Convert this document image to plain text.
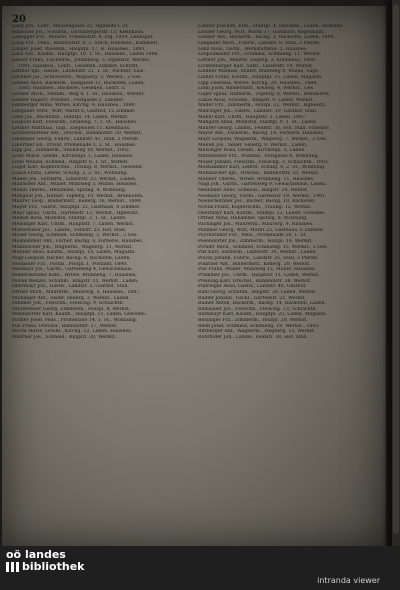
20
Lang Joh., Lehr., Moosengasse 22, Hgbesitz i. 21.
Habicher Jos., Schuhm., Dürrnbergerstr. 13, Kleinhaus.
Lanegger Frz., Maurer, Friedhofstr. 4, Ztg. 1904, Lehnsgut.
Lang Frz., Pens., Bahnhofstr. 8, 2. Stock, Hausbes., Kammerl.
Langer Josef, Wasenm., Hauptpl. 17, H. Hausbes., 1893.
Lanz Ant., Kaufm., Hauptpl. 10, 1. St., Hausbes., Laden 1888.
Lasser Franz, Tischlerm., Johannesg. 5, Hgbesitz, Werkst.,
1891, Hausbes., Lehrl., Gesellen, Zimmer, Schriftf.
Lattner Ign., Gastw., Lindenstr. 21, 1. St., Pächter, Saal.
Lechner Jul., Schlosserm., Wagnerg. 3, Werkst., 2 Ges.
Lehner Alois, Bäckerm., Badgasse 12, Backofen, Laden,
1885, Hausbes., Bäckerei, Gesellen, Lehrl. 3.
Leitner Mich., Steinm., Weg 4, 1. St., Hausbes., Werkst.
Leitner Rupert, Postbed., Postgasse 2, Zimmer.
Lemberger Anna, Witwe, Kirchg. 9, Hausbes., 1880.
Lengauer Ferd., Wirt, Markt 6, Gasthof, 12 Zimmer.
Lenz Jos., Buchbind., Stadtpl. 14, Laden, Werkst.
Leopold Karl, Fleischh., Grabeng. 7, 1. St., Hausbes.
Lettner Matthias, Tagl., Ziegelofen 11, Kleinhaus.
Lichtenwörther Ant., Drechsl., Bahnhofstr. 30, Werkst.
Lindinger Georg, Fuhrw., Landstr. 41, Stall, 2 Pferde.
Linortner Ed., Privat, Promenade 5, 2. St., Hausbes.
Lipp Jos., Zimmerm., Steinweg 19, Werkst., 1902.
Loidl Marie, Greißl., Kirchenpl. 1, Laden, Hausbes.
Loibl Wenzel, Schneid., Ringstr. 6, 1. St., Werkst.
Luger Karl, Kupferschm., Traung. 8, Werkst., Gesellen.
Lukas Franz, Lehrer, Schulg. 2, 2. St., Wohnung.
Mader Jos., Sattlerm., Linzerstr. 22, Werkst., Laden.
Mairhofer Ant., Müller, Mühlweg 3, Mühle, Hausbes.
Mandl Theres., Hebamme, Spitalg. 4, Wohnung.
Mangold Joh., Hafner, Töpferg. 10, Werkst., Brennofen.
Maurer Leop., Bindermstr., Kellerg. 16, Werkst., 1899.
Mayer Frz., Gastw., Hauptpl. 21, Gasthaus, 8 Zimmer.
Mayr Ignaz, Tischl., Gartenstr. 12, Werkst., Hgbesitz.
Meindl Rosa, Modistin, Stadtpl. 3, 1. St., Laden.
Meisinger Karl, Uhrm., Hauptstr. 7, Laden, Werkst.
Mitterhuber Jos., Landw., Feldstr. 25, Hof, Stall.
Moser Georg, Schmied, Schmiedg. 2, Werkst., 2 Ges.
Moshammer Ant., Färber, Bachg. 9, Färberei, Hausbes.
Mühlbacher Joh., Wagnerm., Wagnerg. 11, Werkst.
Müllner Alois, Kaufm., Stadtpl. 18, Laden, Magazin.
Nagl Leopold, Bäcker, Backg. 6, Backofen, Laden.
Neubauer Frz., Postm., Postpl. 1, Postamt, 1890.
Neumayr Jos., Gärtn., Gartenweg 4, Gewächshaus.
Niederleithner Kath., Witwe, Brunneng. 7, Hausbes.
Novak Wenzel, Schuhm., Ringstr. 15, Werkst., Laden.
Obermayr Joh., Gastw., Landstr. 2, Gasthof, Stall.
Ortner Mich., Maurerm., Maurerg. 5, Hausbes., 1887.
Pachinger Ant., Seiler, Seilerg. 3, Werkst., Laden.
Pammer Joh., Fleischh., Fleischg. 9, Schlachtb.
Payrleithner Georg, Zimmerm., Holzpl. 4, Werkst.
Pesendorfer Karl, Kaufm., Hauptpl. 11, Laden, Gewölbe.
Pichler Josef, Pens., Promenade 14, 1. St., Wohnung.
Pilz Franz, Drechsl., Bahnhofstr. 27, Werkst.
Plöchl Marie, Greißl., Kirchg. 12, Laden, Hausbes.
Pointner Jos., Schneid., Ringstr. 20, Werkst.
Lehner Joachim, Kfm., Stadtpl. 4, Hausbes., Laden, Gewölbe.
Leitner Georg, Wirt, Markt 17, Gasthaus, Kegelbahn.
Leitner Ant., Bäckerm., Backg. 2, Backofen, Laden, 1894.
Lengauer Mich., Fuhrw., Landstr. 8, Stall, 3 Pferde.
Lenz Alois, Tischl., Werkstättenw. 5, Hausbes.
Leopoldseder Frz., Schmied, Schmiedg. 11, Werkst.
Lettner Joh., Maurer, Ziegelg. 3, Kleinhaus, 1890.
Lichtenberger Karl, Sattl., Linzerstr. 14, Werkst.
Lindner Mathias, Müller, Mühlweg 8, Mühle, Säge.
Linner Franz, Kaufm., Hauptpl. 15, Laden, Magazin.
Lipp Theresia, Witwe, Kirchg. 20, Hausbes., 1888.
Loidl Josef, Bindermstr., Kellerg. 4, Werkst., Ges.
Luger Ignaz, Hafnerm., Töpferg. 6, Werkst., Brennofen.
Lukas Alois, Schuhm., Ringstr. 9, Laden, Werkst.
Mader Frz., Zimmerm., Holzpl. 12, Werkst., Hgbesitz.
Mairinger Jos., Gastw., Landstr. 19, Gasthof, Stall.
Mandl Karl, Uhrm., Hauptstr. 3, Laden, 1897.
Mangold Anna, Modistin, Stadtpl. 9, 1. St., Laden.
Maurer Georg, Landw., Feldstr. 30, Hof, Stall, Scheune.
Mayer Ant., Färberm., Bachg. 14, Färberei, Hausbes.
Mayr Leopold, Wagnerm., Wagnerg. 7, Werkst., 2 Ges.
Meindl Jos., Seiler, Seilerg. 8, Werkst., Laden.
Meisinger Rosa, Greißl., Kirchenpl. 5, Laden.
Mitterhuber Frz., Postbed., Postgasse 6, Wohnung.
Moser Johann, Fleischh., Fleischg. 3, Schlachtb., 1893.
Moshammer Karl, Lehrer, Schulg. 4, 2. St., Wohnung.
Mühlbacher Ign., Drechsl., Bahnhofstr. 33, Werkst.
Müllner Theres., Witwe, Brunneng. 11, Hausbes.
Nagl Joh., Gärtn., Gartenweg 9, Gewächshaus, Laden.
Neubauer Alois, Schneid., Ringstr. 24, Werkst.
Neumayr Georg, Tischl., Gartenstr. 18, Werkst., 1901.
Niederleithner Jos., Bäcker, Backg. 10, Backofen.
Novak Franz, Kupferschm., Traung. 12, Werkst.
Obermayr Karl, Kaufm., Stadtpl. 22, Laden, Gewölbe.
Ortner Anna, Hebamme, Spitalg. 8, Wohnung.
Pachinger Jos., Maurerm., Maurerg. 9, Hausbes.
Pammer Georg, Wirt, Markt 25, Gasthaus, 6 Zimmer.
Payrleithner Frz., Pens., Promenade 20, 1. St.
Pesendorfer Jos., Zimmerm., Holzpl. 16, Werkst.
Pichler Mich., Schmied, Schmiedg. 15, Werkst., 2 Ges.
Pilz Karl, Sattlerm., Linzerstr. 30, Werkst., Laden.
Plöchl Johann, Fuhrw., Landstr. 35, Stall, 2 Pferde.
Pointner Ant., Bindermstr., Kellerg. 20, Werkst.
Pöll Franz, Müller, Mühlweg 12, Mühle, Hausbes.
Prammer Jos., Uhrm., Hauptstr. 11, Laden, Werkst.
Preining Karl, Drechsl., Bahnhofstr. 38, Werkst.
Pühringer Alois, Gastw., Landstr. 40, Gasthof.
Rabl Georg, Schuhm., Ringstr. 28, Laden, Werkst.
Radler Johann, Tischl., Gartenstr. 22, Werkst.
Rainer Anton, Bäckerm., Backg. 14, Backofen, Laden.
Ramsauer Jos., Fleischh., Fleischg. 13, Schlachtb.
Rathmayr Karl, Kaufm., Hauptpl. 25, Laden, Magazin.
Reisinger Frz., Zimmerm., Holzpl. 20, Werkst.
Riedl Josef, Schmied, Schmiedg. 19, Werkst., 1895.
Rittberger Ant., Wagnerm., Wagnerg. 15, Werkst.
Rohrhofer Joh., Landw., Feldstr. 38, Hof, Stall.
oö landes
bibliothek
intranda viewer
